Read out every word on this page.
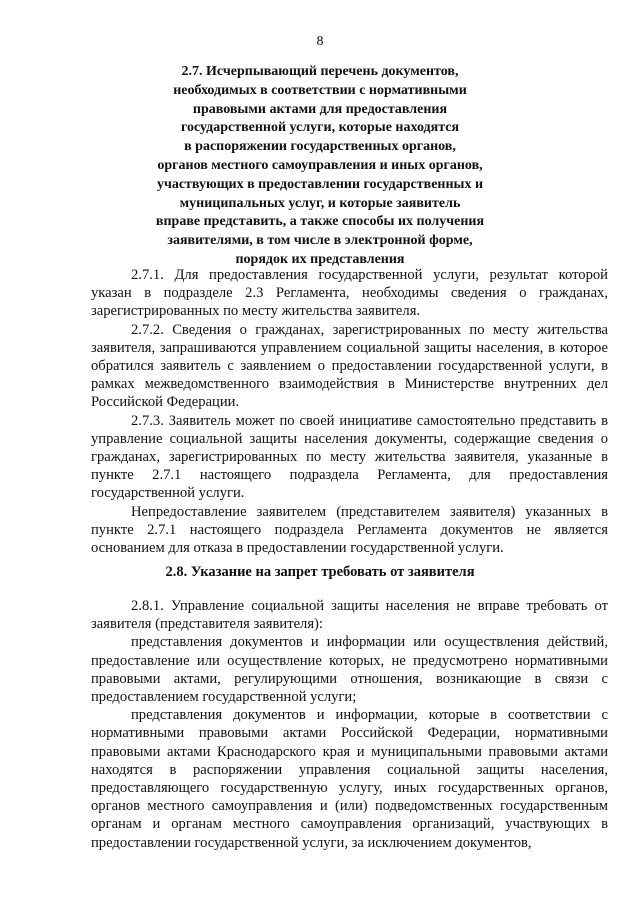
8
2.7. Исчерпывающий перечень документов,
необходимых в соответствии с нормативными
правовыми актами для предоставления
государственной услуги, которые находятся
в распоряжении государственных органов,
органов местного самоуправления и иных органов,
участвующих в предоставлении государственных и
муниципальных услуг, и которые заявитель
вправе представить, а также способы их получения
заявителями, в том числе в электронной форме,
порядок их представления

2.7.1. Для предоставления государственной услуги, результат которой указан в подразделе 2.3 Регламента, необходимы сведения о гражданах, зарегистрированных по месту жительства заявителя.

2.7.2. Сведения о гражданах, зарегистрированных по месту жительства заявителя, запрашиваются управлением социальной защиты населения, в которое обратился заявитель с заявлением о предоставлении государственной услуги, в рамках межведомственного взаимодействия в Министерстве внутренних дел Российской Федерации.

2.7.3. Заявитель может по своей инициативе самостоятельно представить в управление социальной защиты населения документы, содержащие сведения о гражданах, зарегистрированных по месту жительства заявителя, указанные в пункте 2.7.1 настоящего подраздела Регламента, для предоставления государственной услуги.

Непредоставление заявителем (представителем заявителя) указанных в пункте 2.7.1 настоящего подраздела Регламента документов не является основанием для отказа в предоставлении государственной услуги.

2.8. Указание на запрет требовать от заявителя

2.8.1. Управление социальной защиты населения не вправе требовать от заявителя (представителя заявителя):

представления документов и информации или осуществления действий, предоставление или осуществление которых, не предусмотрено нормативными правовыми актами, регулирующими отношения, возникающие в связи с предоставлением государственной услуги;

представления документов и информации, которые в соответствии с нормативными правовыми актами Российской Федерации, нормативными правовыми актами Краснодарского края и муниципальными правовыми актами находятся в распоряжении управления социальной защиты населения, предоставляющего государственную услугу, иных государственных органов, органов местного самоуправления и (или) подведомственных государственным органам и органам местного самоуправления организаций, участвующих в предоставлении государственной услуги, за исключением документов,
